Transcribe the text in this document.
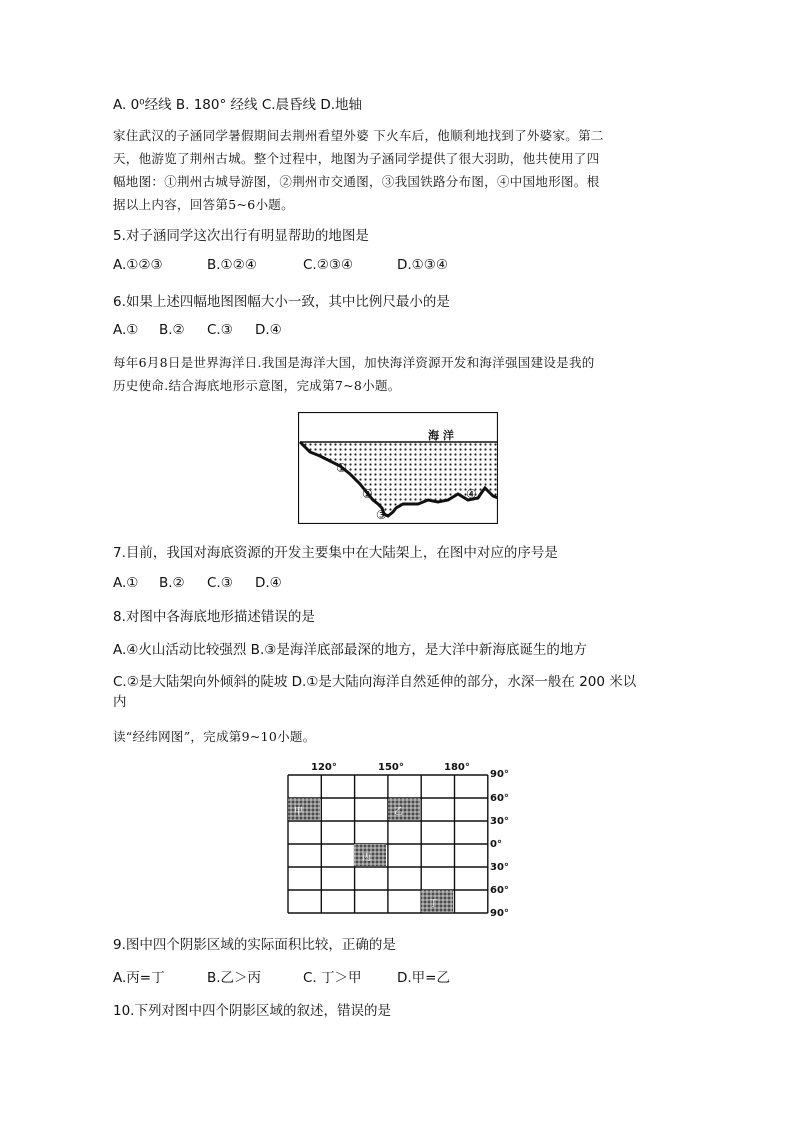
A. 0⁰经线 B. 180° 经线 C.晨昏线 D.地轴
家住武汉的子涵同学暑假期间去荆州看望外婆 下火车后，他顺利地找到了外婆家。第二
天，他游览了荆州古城。整个过程中，地图为子涵同学提供了很大羽助，他共使用了四
幅地图：①荆州古城导游图，②荆州市交通图，③我国铁路分布图，④中国地形图。根
据以上内容，回答第5~6小题。
5.对子涵同学这次出行有明显帮助的地图是
A.①②③	B.①②④	C.②③④	D.①③④
6.如果上述四幅地图图幅大小一致，其中比例尺最小的是
A.① B.② C.③ D.④
每年6月8日是世界海洋日.我国是海洋大国，加快海洋资源开发和海洋强国建设是我的
历史使命.结合海底地形示意图，完成第7~8小题。
海 洋
①
②
③
④
7.目前，我国对海底资源的开发主要集中在大陆架上，在图中对应的序号是
A.① B.② C.③ D.④
8.对图中各海底地形描述错误的是
A.④火山活动比较强烈 B.③是海洋底部最深的地方，是大洋中新海底诞生的地方
C.②是大陆架向外倾斜的陡坡 D.①是大陆向海洋自然延伸的部分，水深一般在 200 米以
内
读“经纬网图”，完成第9~10小题。
甲	乙
丙
丁
120°	150°	180°
90°
60°
30°
0°
30°
60°
90°
9.图中四个阴影区域的实际面积比较，正确的是
A.丙=丁	B.乙＞丙	C. 丁＞甲	D.甲=乙
10.下列对图中四个阴影区域的叙述，错误的是
